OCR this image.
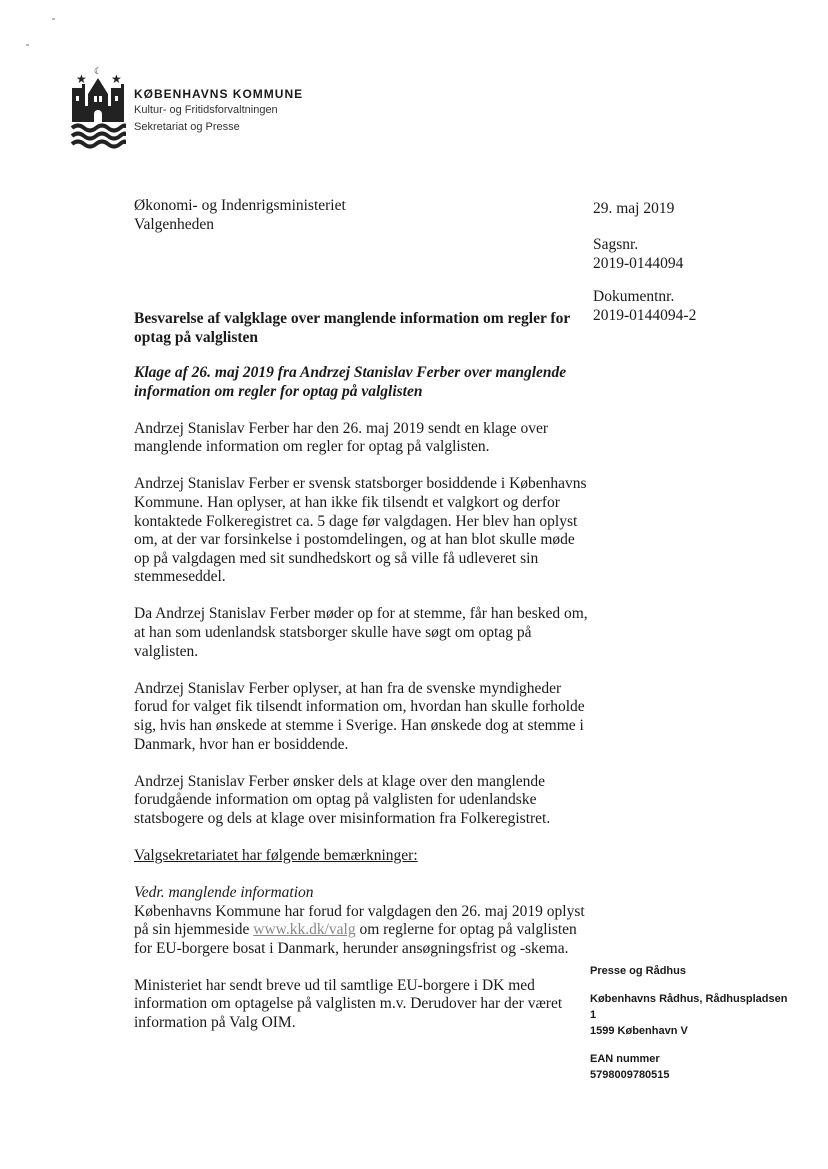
★ ★
☾
KØBENHAVNS KOMMUNE
Kultur- og Fritidsforvaltningen
Sekretariat og Presse
Økonomi- og Indenrigsministeriet
Valgenheden
29. maj 2019
Sagsnr.
2019-0144094
Dokumentnr.
2019-0144094-2
Besvarelse af valgklage over manglende information om regler for optag på valglisten

Klage af 26. maj 2019 fra Andrzej Stanislav Ferber over manglende information om regler for optag på valglisten

Andrzej Stanislav Ferber har den 26. maj 2019 sendt en klage over manglende information om regler for optag på valglisten.

Andrzej Stanislav Ferber er svensk statsborger bosiddende i Københavns Kommune. Han oplyser, at han ikke fik tilsendt et valgkort og derfor kontaktede Folkeregistret ca. 5 dage før valgdagen. Her blev han oplyst om, at der var forsinkelse i postomdelingen, og at han blot skulle møde op på valgdagen med sit sundhedskort og så ville få udleveret sin stemmeseddel.

Da Andrzej Stanislav Ferber møder op for at stemme, får han besked om, at han som udenlandsk statsborger skulle have søgt om optag på valglisten.

Andrzej Stanislav Ferber oplyser, at han fra de svenske myndigheder forud for valget fik tilsendt information om, hvordan han skulle forholde sig, hvis han ønskede at stemme i Sverige. Han ønskede dog at stemme i Danmark, hvor han er bosiddende.

Andrzej Stanislav Ferber ønsker dels at klage over den manglende forudgående information om optag på valglisten for udenlandske statsbogere og dels at klage over misinformation fra Folkeregistret.

Valgsekretariatet har følgende bemærkninger:

Vedr. manglende information

Københavns Kommune har forud for valgdagen den 26. maj 2019 oplyst på sin hjemmeside www.kk.dk/valg om reglerne for optag på valglisten for EU-borgere bosat i Danmark, herunder ansøgningsfrist og -skema.

Ministeriet har sendt breve ud til samtlige EU-borgere i DK med information om optagelse på valglisten m.v. Derudover har der været information på Valg OIM.

Presse og Rådhus
Københavns Rådhus, Rådhuspladsen
1
1599 København V
EAN nummer
5798009780515
